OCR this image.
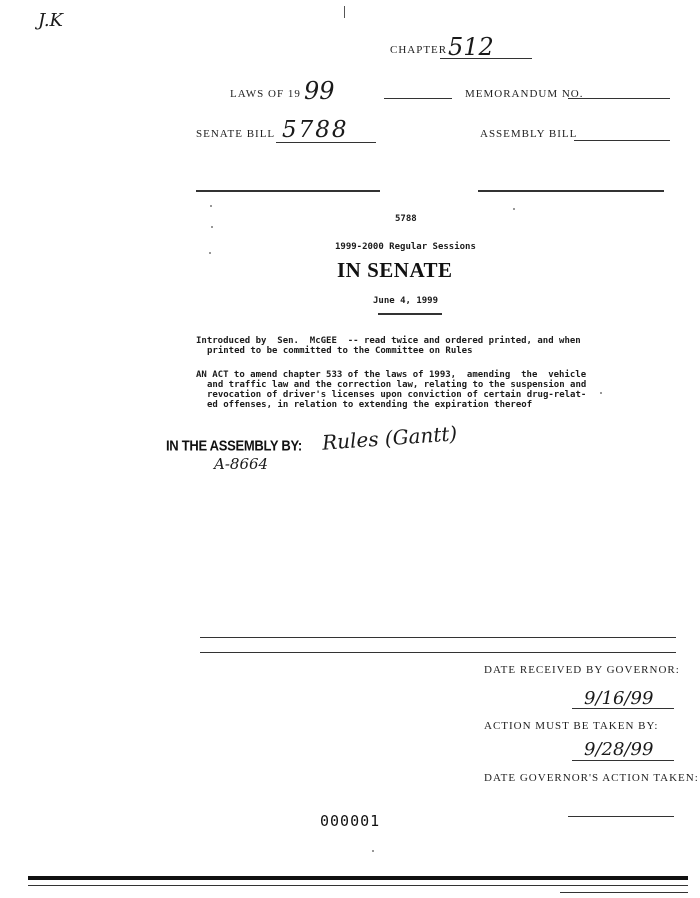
J.K
CHAPTER 512
LAWS OF 19 99	MEMORANDUM NO.
SENATE BILL 5788	ASSEMBLY BILL
5788
1999-2000 Regular Sessions
IN SENATE
June 4, 1999
Introduced by  Sen.  McGEE  -- read twice and ordered printed, and when
printed to be committed to the Committee on Rules
AN ACT to amend chapter 533 of the laws of 1993,  amending  the  vehicle
and traffic law and the correction law, relating to the suspension and
revocation of driver's licenses upon conviction of certain drug-relat-
ed offenses, in relation to extending the expiration thereof
IN THE ASSEMBLY BY: Rules (Gantt)
A-8664
DATE RECEIVED BY GOVERNOR:
9/16/99
ACTION MUST BE TAKEN BY:
9/28/99
DATE GOVERNOR'S ACTION TAKEN:
000001
